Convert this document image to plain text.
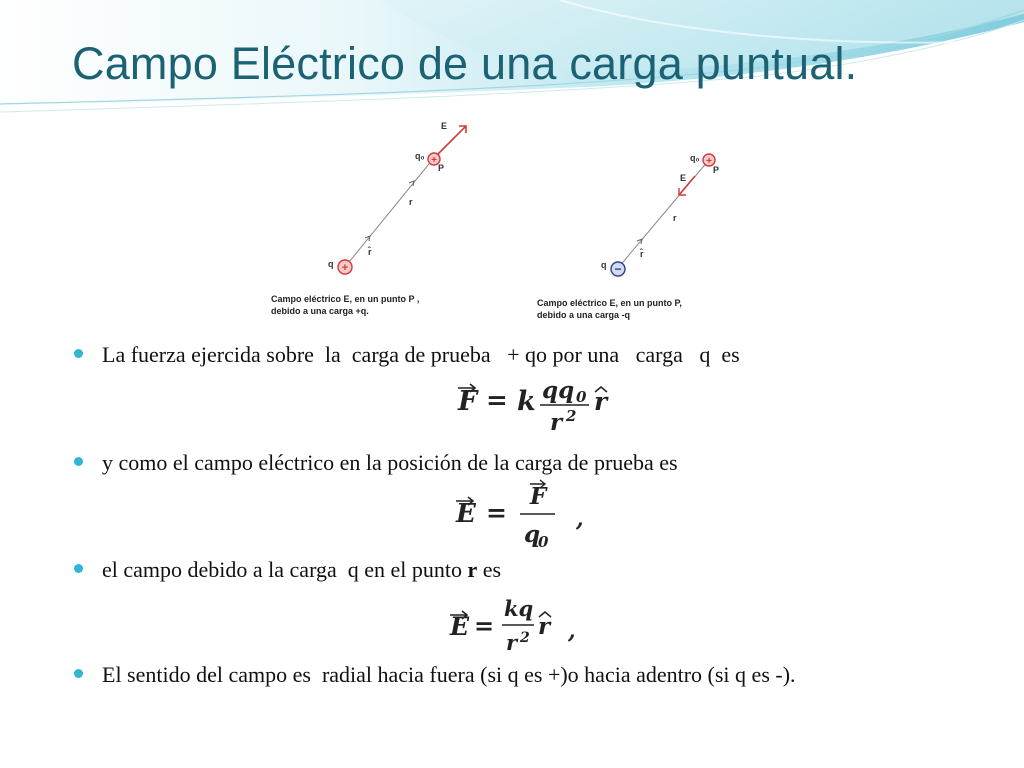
Campo Eléctrico de una carga puntual.
+
+
−
+
E
q₀
P
r
r̂
q
Campo eléctrico E, en un punto P ,
debido a una carga +q.
q₀
P
E
r
r̂
q
Campo eléctrico E, en un punto P,
debido a una carga -q
La fuerza ejercida sobre  la  carga de prueba   + qo por una   carga   q  es
F = k qq 0
r 2 r
y como el campo eléctrico en la posición de la carga de prueba es
E =
F
q
0
,
el campo debido a la carga  q en el punto r es
E =
kq
r 2 r ,
El sentido del campo es  radial hacia fuera (si q es +)o hacia adentro (si q es -).
